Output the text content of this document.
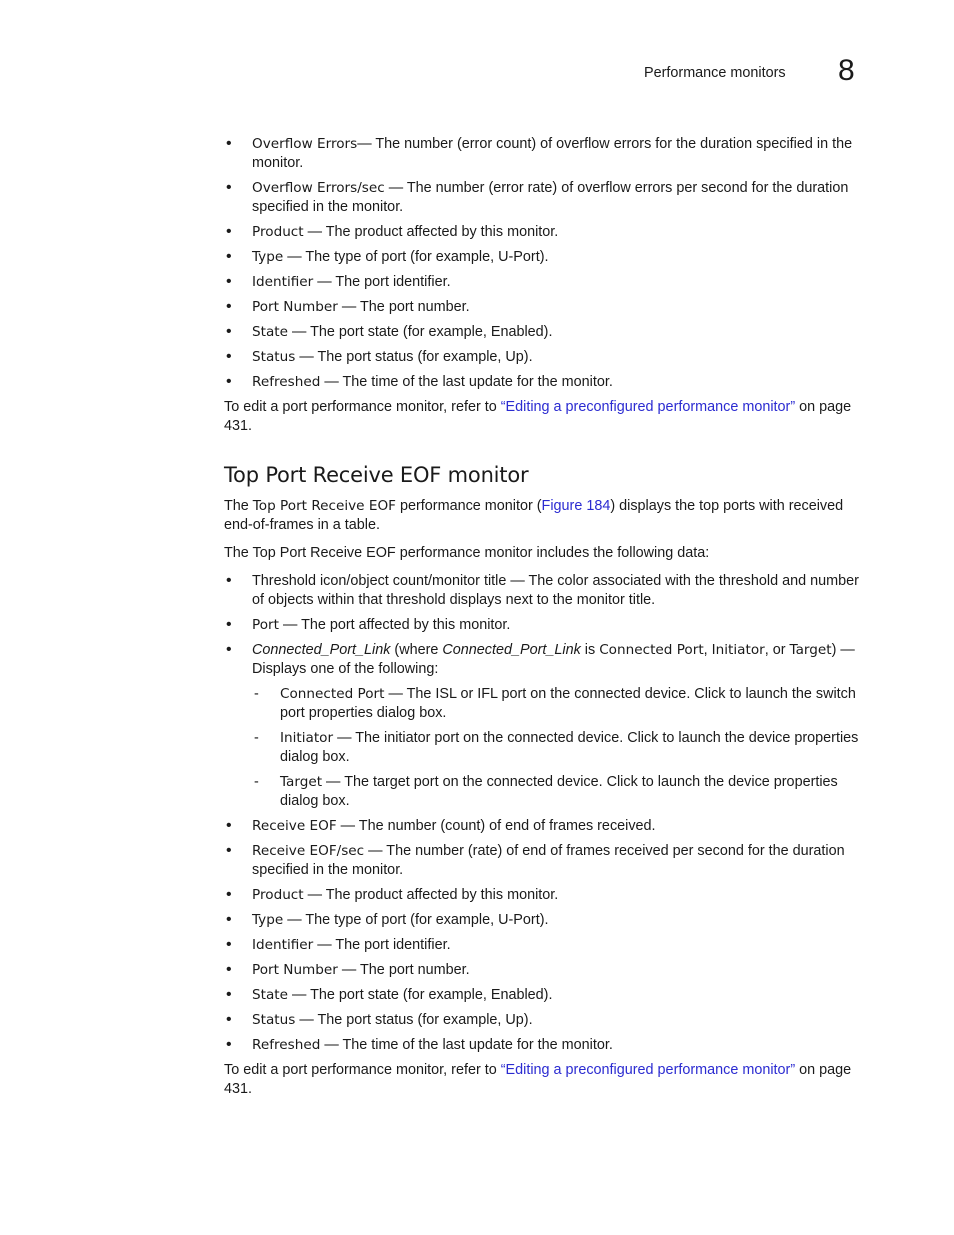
Performance monitors 8
• Overflow Errors— The number (error count) of overflow errors for the duration specified in the monitor.
• Overflow Errors/sec — The number (error rate) of overflow errors per second for the duration specified in the monitor.
• Product — The product affected by this monitor.
• Type — The type of port (for example, U-Port).
• Identifier — The port identifier.
• Port Number — The port number.
• State — The port state (for example, Enabled).
• Status — The port status (for example, Up).
• Refreshed — The time of the last update for the monitor.

To edit a port performance monitor, refer to “Editing a preconfigured performance monitor” on page 431.

Top Port Receive EOF monitor

The Top Port Receive EOF performance monitor (Figure 184) displays the top ports with received end-of-frames in a table.

The Top Port Receive EOF performance monitor includes the following data:

• Threshold icon/object count/monitor title — The color associated with the threshold and number of objects within that threshold displays next to the monitor title.
• Port — The port affected by this monitor.
• Connected_Port_Link (where Connected_Port_Link is Connected Port, Initiator, or Target) — Displays one of the following:
- Connected Port — The ISL or IFL port on the connected device. Click to launch the switch port properties dialog box.
- Initiator — The initiator port on the connected device. Click to launch the device properties dialog box.
- Target — The target port on the connected device. Click to launch the device properties dialog box.
• Receive EOF — The number (count) of end of frames received.
• Receive EOF/sec — The number (rate) of end of frames received per second for the duration specified in the monitor.
• Product — The product affected by this monitor.
• Type — The type of port (for example, U-Port).
• Identifier — The port identifier.
• Port Number — The port number.
• State — The port state (for example, Enabled).
• Status — The port status (for example, Up).
• Refreshed — The time of the last update for the monitor.

To edit a port performance monitor, refer to “Editing a preconfigured performance monitor” on page 431.
